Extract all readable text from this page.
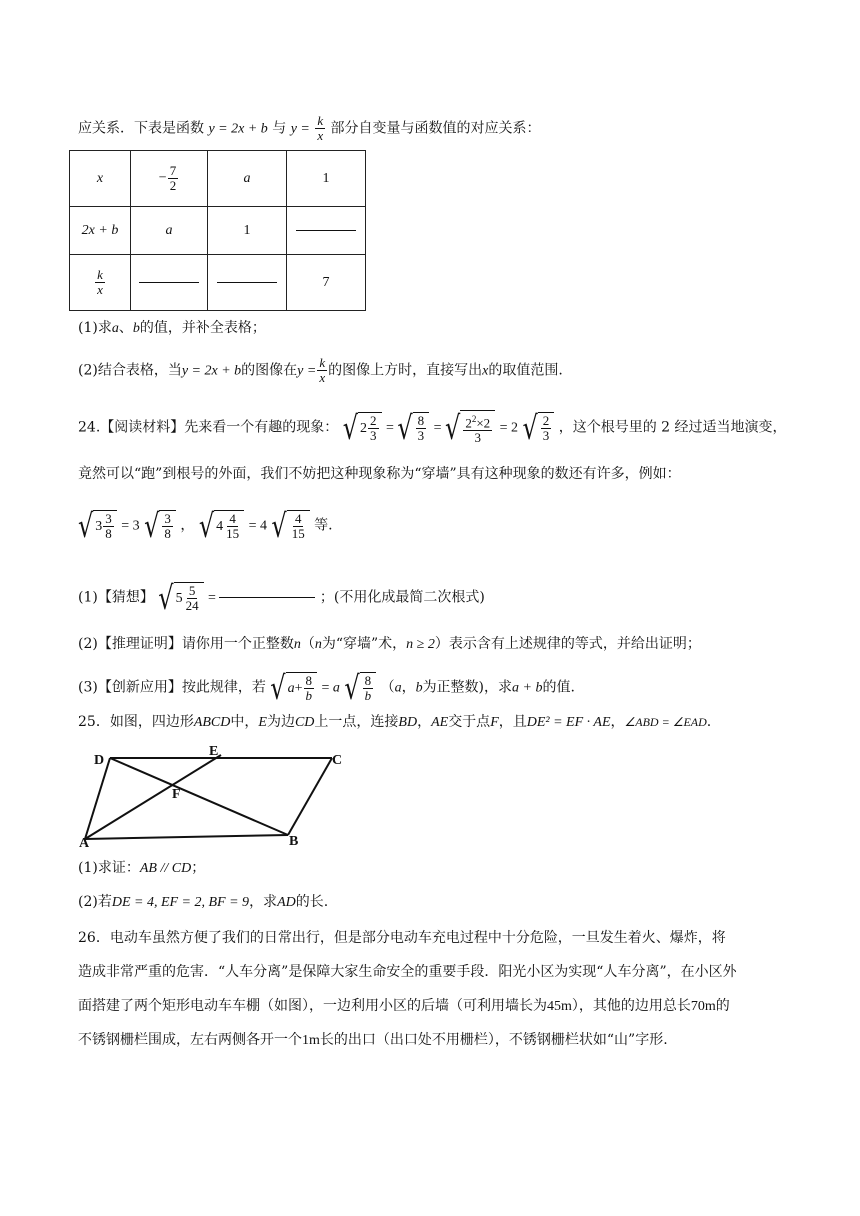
应关系．下表是函数 y = 2x + b 与 $y = \frac{k}{x}$ 部分自变量与函数值的对应关系：
x	− $\frac{7}{2}$	a	1
2x + b	a	1	

$\frac{k}{x}$			7
(1)求a、b的值，并补全表格；
(2)结合表格，当y = 2x + b的图像在$y = \frac{k}{x}$ 的图像上方时，直接写出x的取值范围.
24.【阅读材料】先来看一个有趣的现象： √ $2 \frac{2}{3}$ = √ $\frac{8}{3}$ = √ $\frac{2^2\times 2}{3} = 2$ √ $\frac{2}{3}$ ，这个根号里的 2 经过适当地演变，
竟然可以“跑”到根号的外面，我们不妨把这种现象称为“穿墙”具有这种现象的数还有许多，例如：
√ $3 \frac{3}{8} = 3$ √ $\frac{3}{8}$ ， √ $4 \frac{4}{15} = 4$ √ $\frac{4}{15}$ 等.
(1)【猜想】 √ $5 \frac{5}{24}$ =	；(不用化成最简二次根式)
(2)【推理证明】请你用一个正整数n（n为“穿墙”术，n ≥ 2）表示含有上述规律的等式，并给出证明；
(3)【创新应用】按此规律，若 √ $a + \frac{8}{b} = a$ √ $\frac{8}{b} (a$，b为正整数)，求a + b的值.
25．如图，四边形ABCD中，E为边CD上一点，连接BD，AE交于点F，且DE² = EF · AE，∠ABD = ∠EAD.
D
E
C
F
A	B
(1)求证：AB // CD；
(2)若DE = 4, EF = 2, BF = 9，求AD的长.
26．电动车虽然方便了我们的日常出行，但是部分电动车充电过程中十分危险，一旦发生着火、爆炸，将
造成非常严重的危害．“人车分离”是保障大家生命安全的重要手段．阳光小区为实现“人车分离”，在小区外
面搭建了两个矩形电动车车棚（如图），一边利用小区的后墙（可利用墙长为45m），其他的边用总长70m的
不锈钢栅栏围成，左右两侧各开一个1m长的出口（出口处不用栅栏），不锈钢栅栏状如“山”字形.
